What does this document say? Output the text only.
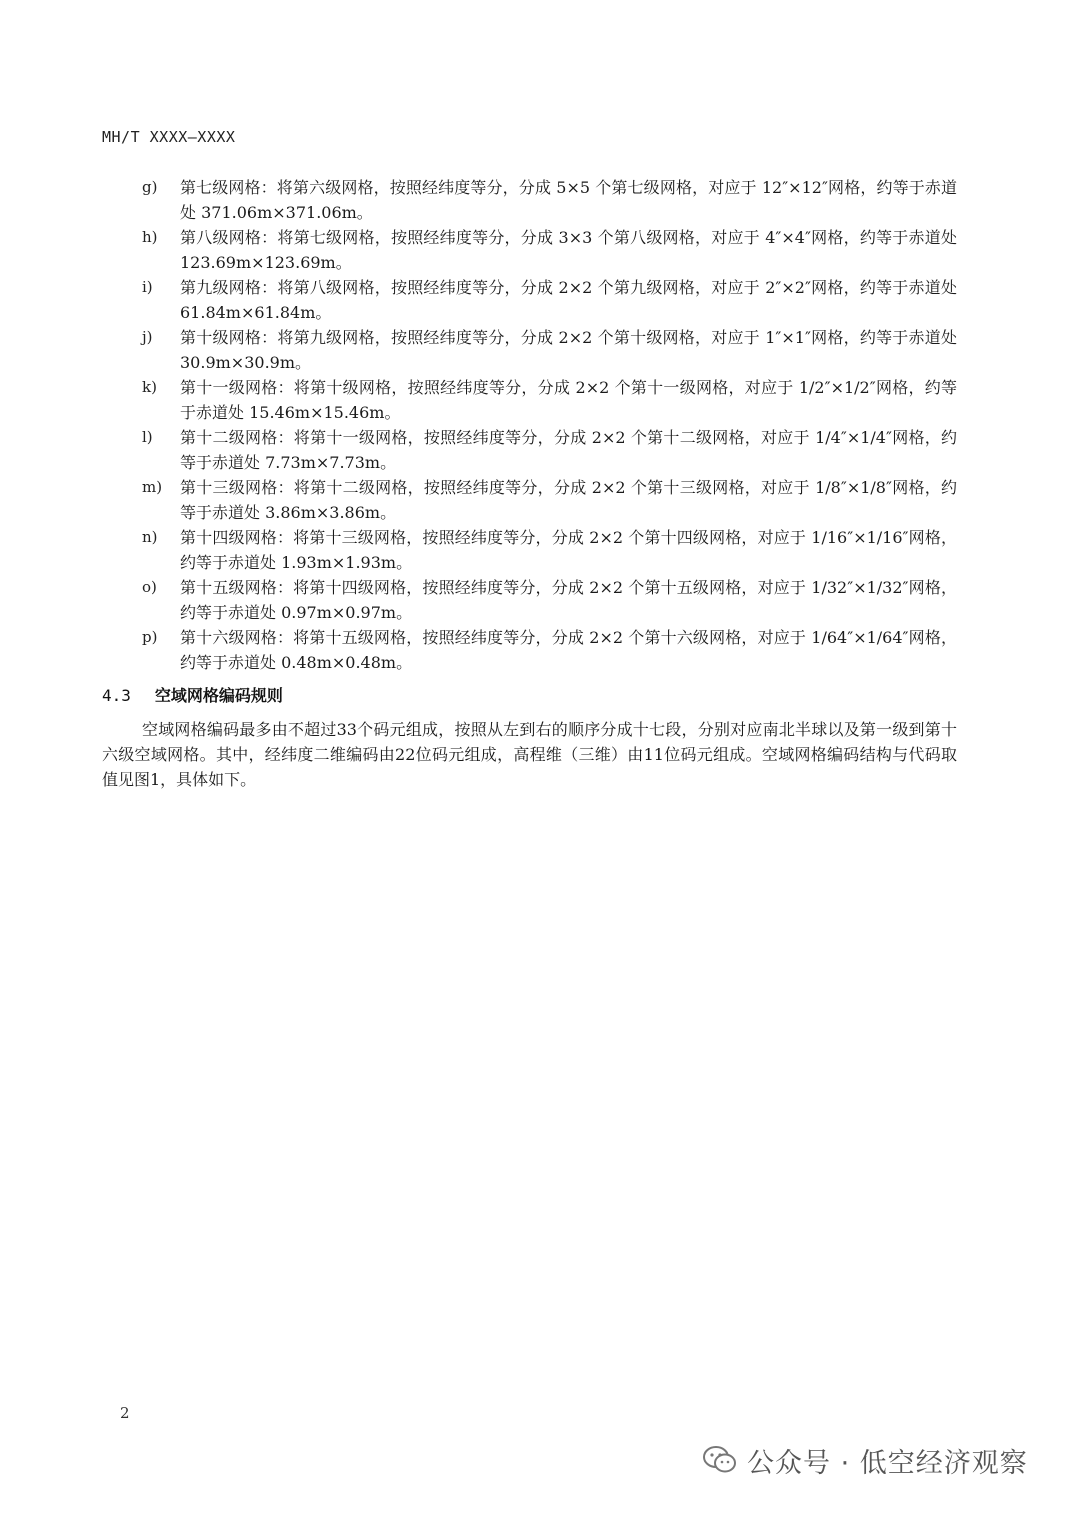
MH/T XXXX—XXXX
g)	第七级网格：将第六级网格，按照经纬度等分，分成 5×5 个第七级网格，对应于 12″×12″网格，约等于赤道处 371.06m×371.06m。
h)	第八级网格：将第七级网格，按照经纬度等分，分成 3×3 个第八级网格，对应于 4″×4″网格，约等于赤道处 123.69m×123.69m。
i)	第九级网格：将第八级网格，按照经纬度等分，分成 2×2 个第九级网格，对应于 2″×2″网格，约等于赤道处 61.84m×61.84m。
j)	第十级网格：将第九级网格，按照经纬度等分，分成 2×2 个第十级网格，对应于 1″×1″网格，约等于赤道处 30.9m×30.9m。
k)	第十一级网格：将第十级网格，按照经纬度等分，分成 2×2 个第十一级网格，对应于 1/2″×1/2″网格，约等于赤道处 15.46m×15.46m。
l)	第十二级网格：将第十一级网格，按照经纬度等分，分成 2×2 个第十二级网格，对应于 1/4″×1/4″网格，约等于赤道处 7.73m×7.73m。
m)	第十三级网格：将第十二级网格，按照经纬度等分，分成 2×2 个第十三级网格，对应于 1/8″×1/8″网格，约等于赤道处 3.86m×3.86m。
n)	第十四级网格：将第十三级网格，按照经纬度等分，分成 2×2 个第十四级网格，对应于 1/16″×1/16″网格，约等于赤道处 1.93m×1.93m。
o)	第十五级网格：将第十四级网格，按照经纬度等分，分成 2×2 个第十五级网格，对应于 1/32″×1/32″网格，约等于赤道处 0.97m×0.97m。
p)	第十六级网格：将第十五级网格，按照经纬度等分，分成 2×2 个第十六级网格，对应于 1/64″×1/64″网格，约等于赤道处 0.48m×0.48m。
4.3 空域网格编码规则
空域网格编码最多由不超过33个码元组成，按照从左到右的顺序分成十七段，分别对应南北半球以及第一级到第十六级空域网格。其中，经纬度二维编码由22位码元组成，高程维（三维）由11位码元组成。空域网格编码结构与代码取值见图1，具体如下。
2
公众号 · 低空经济观察
